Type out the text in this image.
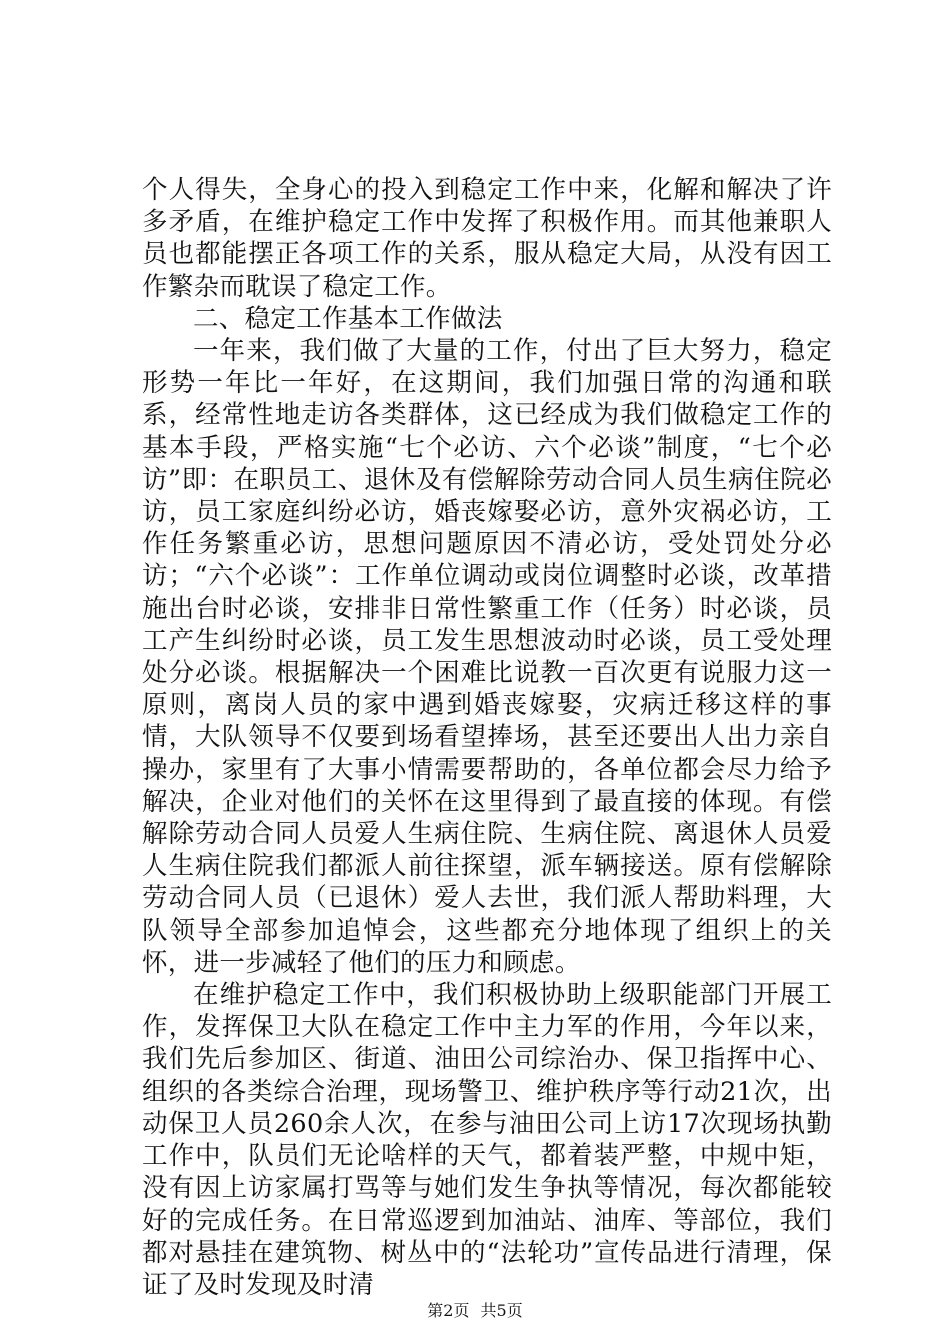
个人得失，全身心的投入到稳定工作中来，化解和解决了许多矛盾，在维护稳定工作中发挥了积极作用。而其他兼职人员也都能摆正各项工作的关系，服从稳定大局，从没有因工作繁杂而耽误了稳定工作。

二、稳定工作基本工作做法

一年来，我们做了大量的工作，付出了巨大努力，稳定形势一年比一年好，在这期间，我们加强日常的沟通和联系，经常性地走访各类群体，这已经成为我们做稳定工作的基本手段，严格实施“七个必访、六个必谈”制度，“七个必访”即：在职员工、退休及有偿解除劳动合同人员生病住院必访，员工家庭纠纷必访，婚丧嫁娶必访，意外灾祸必访，工作任务繁重必访，思想问题原因不清必访，受处罚处分必访；“六个必谈”：工作单位调动或岗位调整时必谈，改革措施出台时必谈，安排非日常性繁重工作（任务）时必谈，员工产生纠纷时必谈，员工发生思想波动时必谈，员工受处理处分必谈。根据解决一个困难比说教一百次更有说服力这一原则，离岗人员的家中遇到婚丧嫁娶，灾病迁移这样的事情，大队领导不仅要到场看望捧场，甚至还要出人出力亲自操办，家里有了大事小情需要帮助的，各单位都会尽力给予解决，企业对他们的关怀在这里得到了最直接的体现。有偿解除劳动合同人员爱人生病住院、生病住院、离退休人员爱人生病住院我们都派人前往探望，派车辆接送。原有偿解除劳动合同人员（已退休）爱人去世，我们派人帮助料理，大队领导全部参加追悼会，这些都充分地体现了组织上的关怀，进一步减轻了他们的压力和顾虑。

在维护稳定工作中，我们积极协助上级职能部门开展工作，发挥保卫大队在稳定工作中主力军的作用，今年以来，我们先后参加区、街道、油田公司综治办、保卫指挥中心、组织的各类综合治理，现场警卫、维护秩序等行动21次，出动保卫人员260余人次，在参与油田公司上访17次现场执勤工作中，队员们无论啥样的天气，都着装严整，中规中矩，没有因上访家属打骂等与她们发生争执等情况，每次都能较好的完成任务。在日常巡逻到加油站、油库、等部位，我们都对悬挂在建筑物、树丛中的“法轮功”宣传品进行清理，保证了及时发现及时清

第2页 共5页
